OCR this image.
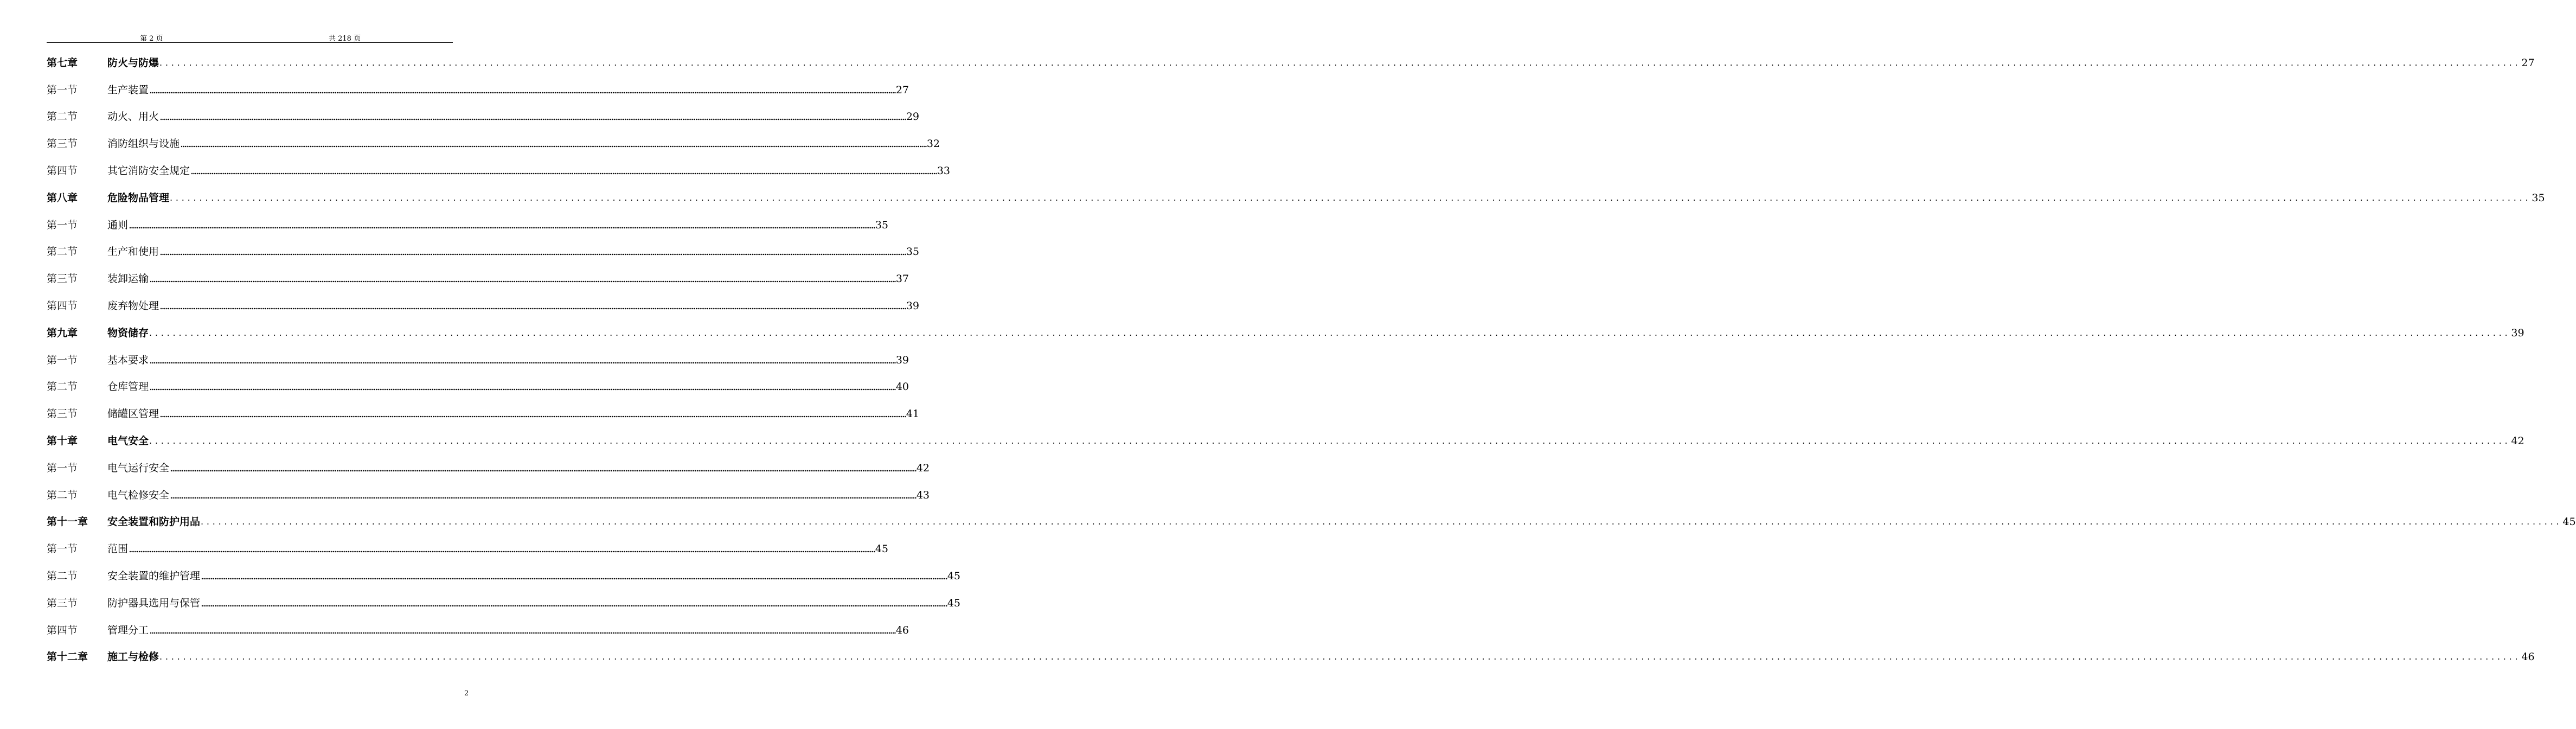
第 2 页	共 218 页
第七章	防火与防爆 ................................................................................................................................................................................................................................................................................................................................................................................................................ 27
第一节	生产装置 ................................................................................................................................................................................................................................................................................................................................................................................................................ 27
第二节	动火、用火 ................................................................................................................................................................................................................................................................................................................................................................................................................ 29
第三节	消防组织与设施 ................................................................................................................................................................................................................................................................................................................................................................................................................ 32
第四节	其它消防安全规定 ................................................................................................................................................................................................................................................................................................................................................................................................................ 33
第八章	危险物品管理 ................................................................................................................................................................................................................................................................................................................................................................................................................ 35
第一节	通则 ................................................................................................................................................................................................................................................................................................................................................................................................................ 35
第二节	生产和使用 ................................................................................................................................................................................................................................................................................................................................................................................................................ 35
第三节	装卸运输 ................................................................................................................................................................................................................................................................................................................................................................................................................ 37
第四节	废弃物处理 ................................................................................................................................................................................................................................................................................................................................................................................................................ 39
第九章	物资储存 ................................................................................................................................................................................................................................................................................................................................................................................................................ 39
第一节	基本要求 ................................................................................................................................................................................................................................................................................................................................................................................................................ 39
第二节	仓库管理 ................................................................................................................................................................................................................................................................................................................................................................................................................ 40
第三节	储罐区管理 ................................................................................................................................................................................................................................................................................................................................................................................................................ 41
第十章	电气安全 ................................................................................................................................................................................................................................................................................................................................................................................................................ 42
第一节	电气运行安全 ................................................................................................................................................................................................................................................................................................................................................................................................................ 42
第二节	电气检修安全 ................................................................................................................................................................................................................................................................................................................................................................................................................ 43
第十一章	安全装置和防护用品 ................................................................................................................................................................................................................................................................................................................................................................................................................ 45
第一节	范围 ................................................................................................................................................................................................................................................................................................................................................................................................................ 45
第二节	安全装置的维护管理 ................................................................................................................................................................................................................................................................................................................................................................................................................ 45
第三节	防护器具选用与保管 ................................................................................................................................................................................................................................................................................................................................................................................................................ 45
第四节	管理分工 ................................................................................................................................................................................................................................................................................................................................................................................................................ 46
第十二章	施工与检修 ................................................................................................................................................................................................................................................................................................................................................................................................................ 46
2
